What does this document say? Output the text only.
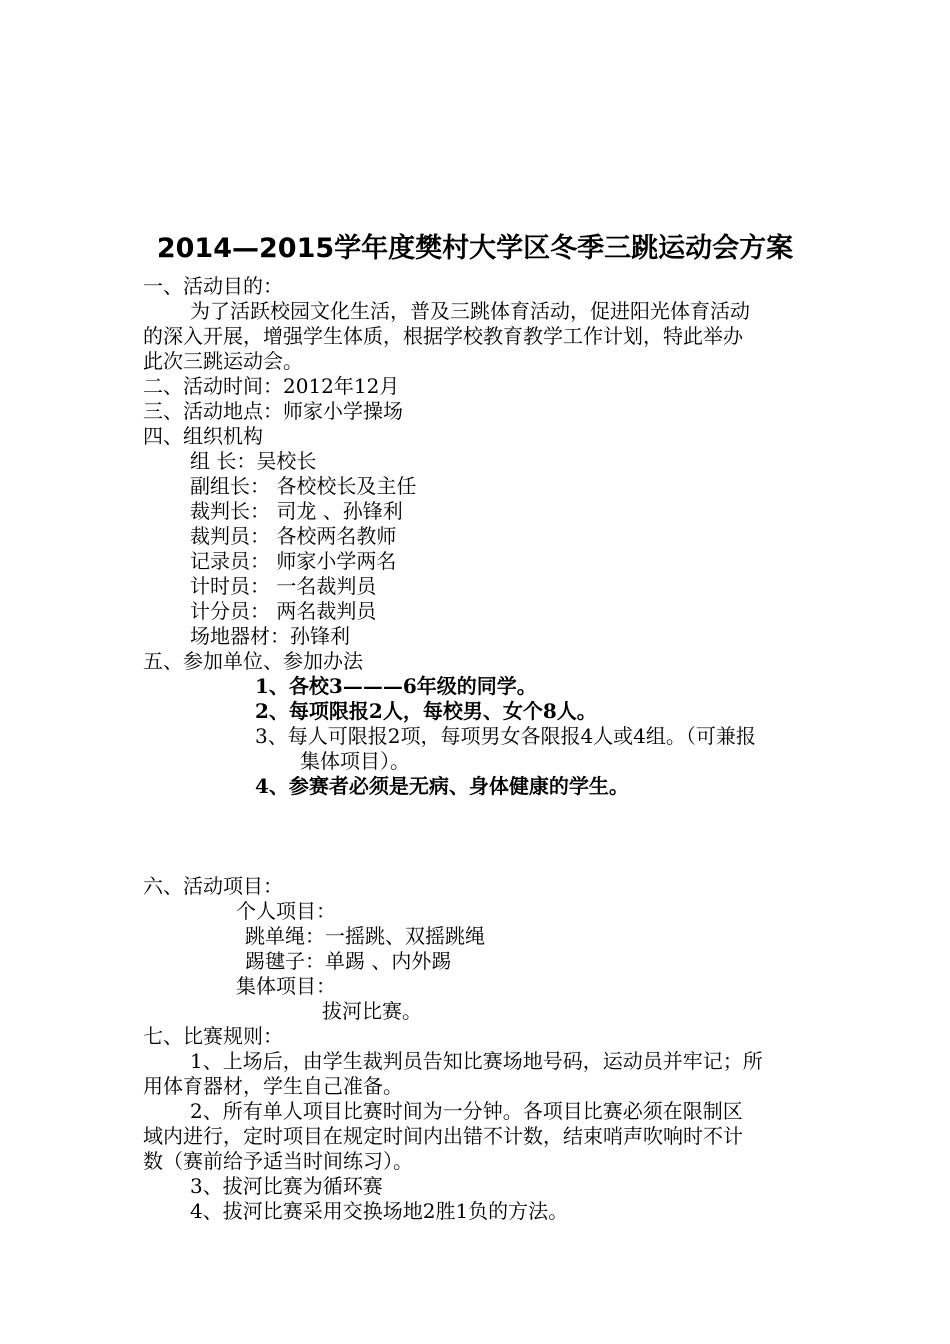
2014—2015学年度樊村大学区冬季三跳运动会方案
一、活动目的：
为了活跃校园文化生活，普及三跳体育活动，促进阳光体育活动
的深入开展，增强学生体质，根据学校教育教学工作计划，特此举办
此次三跳运动会。
二、活动时间：2012年12月
三、活动地点：师家小学操场
四、组织机构
组 长：吴校长
副组长： 各校校长及主任
裁判长： 司龙 、孙锋利
裁判员： 各校两名教师
记录员： 师家小学两名
计时员： 一名裁判员
计分员： 两名裁判员
场地器材：孙锋利
五、参加单位、参加办法
1、各校3———6年级的同学。
2、每项限报2人，每校男、女个8人。
3、每人可限报2项，每项男女各限报4人或4组。（可兼报
集体项目）。
4、参赛者必须是无病、身体健康的学生。
六、活动项目：
个人项目：
跳单绳：一摇跳、双摇跳绳
踢毽子：单踢 、内外踢
集体项目：
拔河比赛。
七、比赛规则：
1、上场后，由学生裁判员告知比赛场地号码，运动员并牢记；所
用体育器材，学生自己准备。
2、所有单人项目比赛时间为一分钟。各项目比赛必须在限制区
域内进行，定时项目在规定时间内出错不计数，结束哨声吹响时不计
数（赛前给予适当时间练习）。
3、拔河比赛为循环赛
4、拔河比赛采用交换场地2胜1负的方法。
